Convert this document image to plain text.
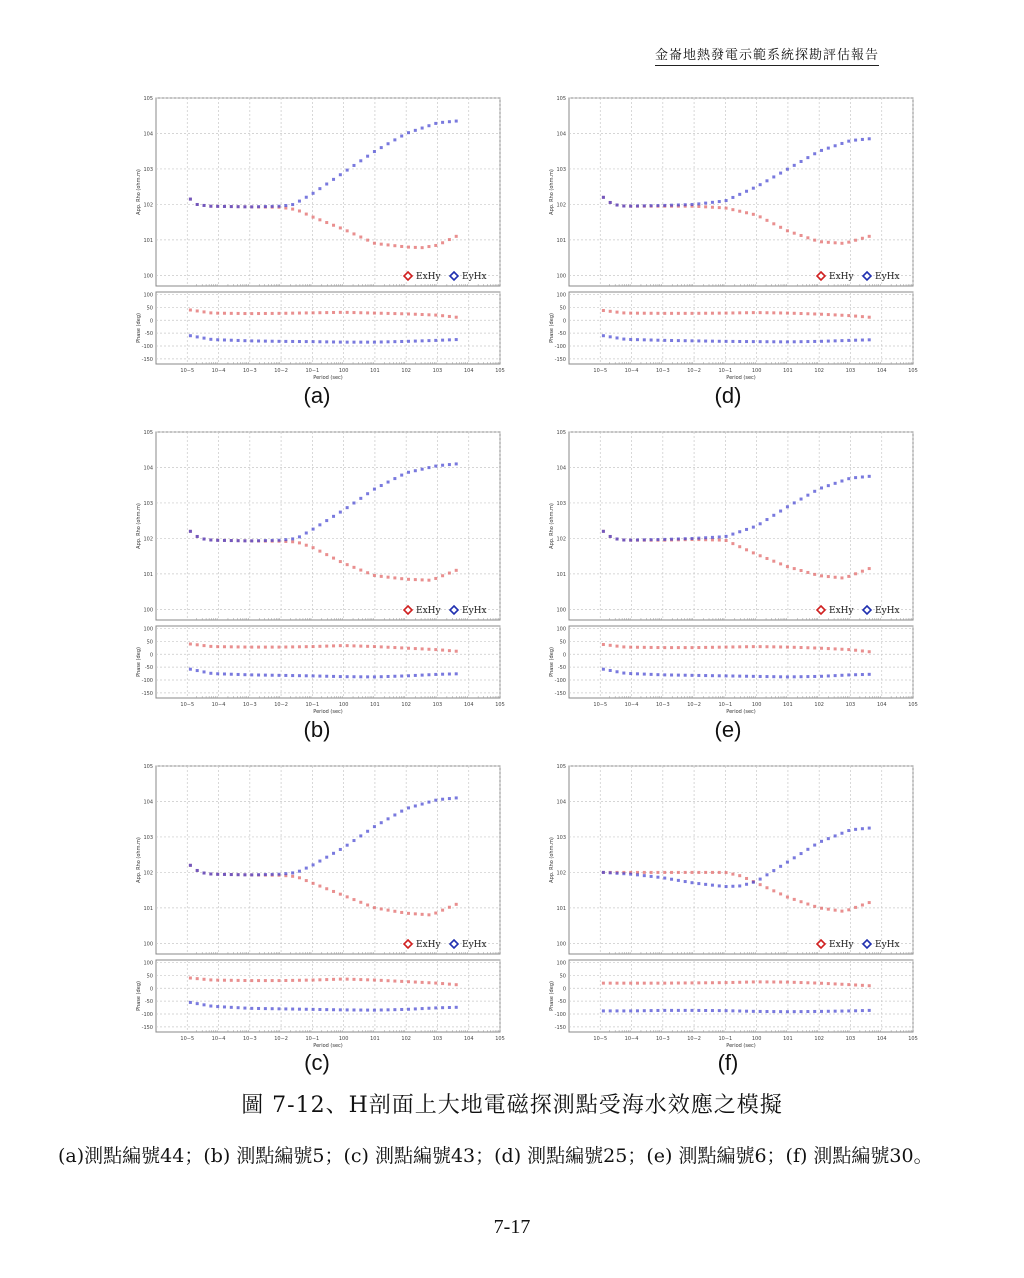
金崙地熱發電示範系統探勘評估報告
10−5	10−4	10−3	10−2	10−1	100	101	102	103	104	105
100
101
102
103
104
105
100
50
0
-50
-100
-150
App. Rho (ohm.m)
Phase (deg)
Period (sec)
ExHy EyHx
(a)
10−5	10−4	10−3	10−2	10−1	100	101	102	103	104	105
100
101
102
103
104
105
100
50
0
-50
-100
-150
App. Rho (ohm.m)
Phase (deg)
Period (sec)
ExHy EyHx
(d)
10−5	10−4	10−3	10−2	10−1	100	101	102	103	104	105
100
101
102
103
104
105
100
50
0
-50
-100
-150
App. Rho (ohm.m)
Phase (deg)
Period (sec)
ExHy EyHx
(b)
10−5	10−4	10−3	10−2	10−1	100	101	102	103	104	105
100
101
102
103
104
105
100
50
0
-50
-100
-150
App. Rho (ohm.m)
Phase (deg)
Period (sec)
ExHy EyHx
(e)
10−5	10−4	10−3	10−2	10−1	100	101	102	103	104	105
100
101
102
103
104
105
100
50
0
-50
-100
-150
App. Rho (ohm.m)
Phase (deg)
Period (sec)
ExHy EyHx
(c)
10−5	10−4	10−3	10−2	10−1	100	101	102	103	104	105
100
101
102
103
104
105
100
50
0
-50
-100
-150
App. Rho (ohm.m)
Phase (deg)
Period (sec)
ExHy EyHx
(f)
圖 7-12、H剖面上大地電磁探測點受海水效應之模擬
(a)測點編號44；(b) 測點編號5；(c) 測點編號43；(d) 測點編號25；(e) 測點編號6；(f) 測點編號30。
7-17
